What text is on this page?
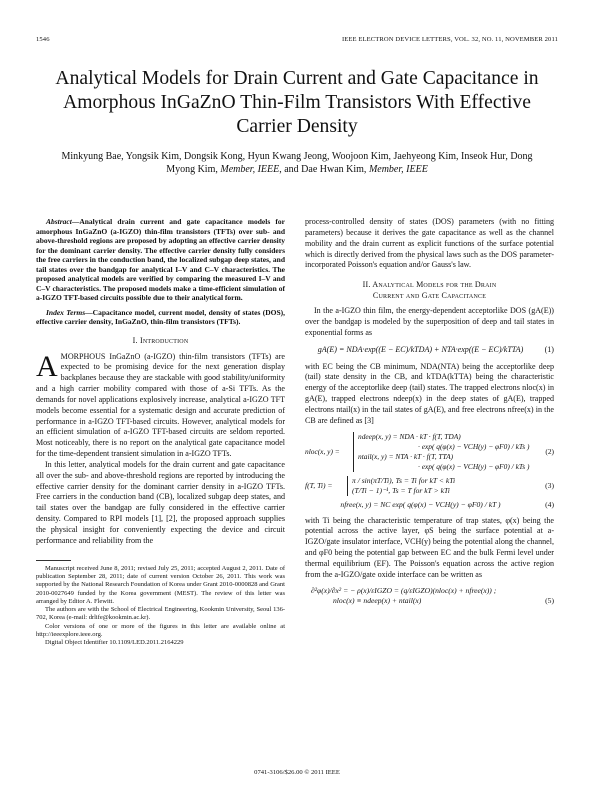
1546	IEEE ELECTRON DEVICE LETTERS, VOL. 32, NO. 11, NOVEMBER 2011
Analytical Models for Drain Current and Gate Capacitance in Amorphous InGaZnO Thin-Film Transistors With Effective Carrier Density
Minkyung Bae, Yongsik Kim, Dongsik Kong, Hyun Kwang Jeong, Woojoon Kim, Jaehyeong Kim, Inseok Hur, Dong Myong Kim, Member, IEEE, and Dae Hwan Kim, Member, IEEE

Abstract—Analytical drain current and gate capacitance models for amorphous InGaZnO (a-IGZO) thin-film transistors (TFTs) over sub- and above-threshold regions are proposed by adopting an effective carrier density for the dominant carrier density. The effective carrier density fully considers the free carriers in the conduction band, the localized subgap deep states, and tail states over the bandgap for analytical I–V and C–V characteristics. The proposed analytical models are verified by comparing the measured I–V and C–V characteristics. The proposed models make a time-efficient simulation of a-IGZO TFT-based circuits possible due to their analytical form.

Index Terms—Capacitance model, current model, density of states (DOS), effective carrier density, InGaZnO, thin-film transistors (TFTs).

I. Introduction

AMORPHOUS InGaZnO (a-IGZO) thin-film transistors (TFTs) are expected to be promising device for the next generation display backplanes because they are stackable with good stability/uniformity and a high carrier mobility compared with those of a-Si TFTs. As the demands for novel applications explosively increase, analytical a-IGZO TFT models become essential for a systematic design and accurate prediction of performance in a-IGZO TFT-based circuits. However, analytical models for an efficient simulation of a-IGZO TFT-based circuits are seldom reported. Most noticeably, there is no report on the analytical gate capacitance model for the time-dependent transient simulation in a-IGZO TFTs.

In this letter, analytical models for the drain current and gate capacitance all over the sub- and above-threshold regions are reported by introducing the effective carrier density for the dominant carrier density in a-IGZO TFTs. Free carriers in the conduction band (CB), localized subgap deep states, and tail states over the bandgap are fully considered in the effective carrier density. Compared to RPI models [1], [2], the proposed approach supplies the physical insight for conveniently expecting the device and circuit performance and reliability from the

Manuscript received June 8, 2011; revised July 25, 2011; accepted August 2, 2011. Date of publication September 28, 2011; date of current version October 26, 2011. This work was supported by the National Research Foundation of Korea under Grant 2010-0000828 and Grant 2010-0027649 funded by the Korea government (MEST). The review of this letter was arranged by Editor A. Flewitt.

The authors are with the School of Electrical Engineering, Kookmin University, Seoul 136-702, Korea (e-mail: drlife@kookmin.ac.kr).

Color versions of one or more of the figures in this letter are available online at http://ieeexplore.ieee.org.

Digital Object Identifier 10.1109/LED.2011.2164229

process-controlled density of states (DOS) parameters (with no fitting parameters) because it derives the gate capacitance as well as the channel mobility and the drain current as explicit functions of the surface potential which is directly derived from the physical laws such as the DOS parameter-incorporated Poisson's equation and/or Gauss's law.

II. Analytical Models for the Drain
Current and Gate Capacitance

In the a-IGZO thin film, the energy-dependent acceptorlike DOS (gA(E)) over the bandgap is modeled by the superposition of deep and tail states in exponential forms as

gA(E) = NDA·exp((E − EC)/kTDA) + NTA·exp((E − EC)/kTTA)	(1)

with EC being the CB minimum, NDA(NTA) being the acceptorlike deep (tail) state density in the CB, and kTDA(kTTA) being the characteristic energy of the acceptorlike deep (tail) states. The trapped electrons nloc(x) in gA(E), trapped electrons ndeep(x) in the deep states of gA(E), trapped electrons ntail(x) in the tail states of gA(E), and free electrons nfree(x) in the CB are defined as [3]

nloc(x, y) =
ndeep(x, y) = NDA · kT · f(T, TDA)
· exp( q(φ(x) − VCH(y) − φF0) / kTs )
ntail(x, y) = NTA · kT · f(T, TTA)
· exp( q(φ(x) − VCH(y) − φF0) / kTs )
(2)
f(T, Ti) =
π / sin(πT/Ti), Ts = Ti for kT < kTi
(T/Ti − 1)⁻¹, Ts = T for kT > kTi
(3)
nfree(x, y) = NC exp( q(φ(x) − VCH(y) − φF0) / kT )	(4)

with Ti being the characteristic temperature of trap states, φ(x) being the potential across the active layer, φS being the surface potential at a-IGZO/gate insulator interface, VCH(y) being the potential along the channel, and φF0 being the potential gap between EC and the bulk Fermi level under thermal equilibrium (EF). The Poisson's equation across the active region from the a-IGZO/gate oxide interface can be written as

∂²φ(x)/∂x² = − ρ(x)/εIGZO = (q/εIGZO)(nloc(x) + nfree(x)) ;
nloc(x) ≡ ndeep(x) + ntail(x)	(5)
0741-3106/$26.00 © 2011 IEEE
